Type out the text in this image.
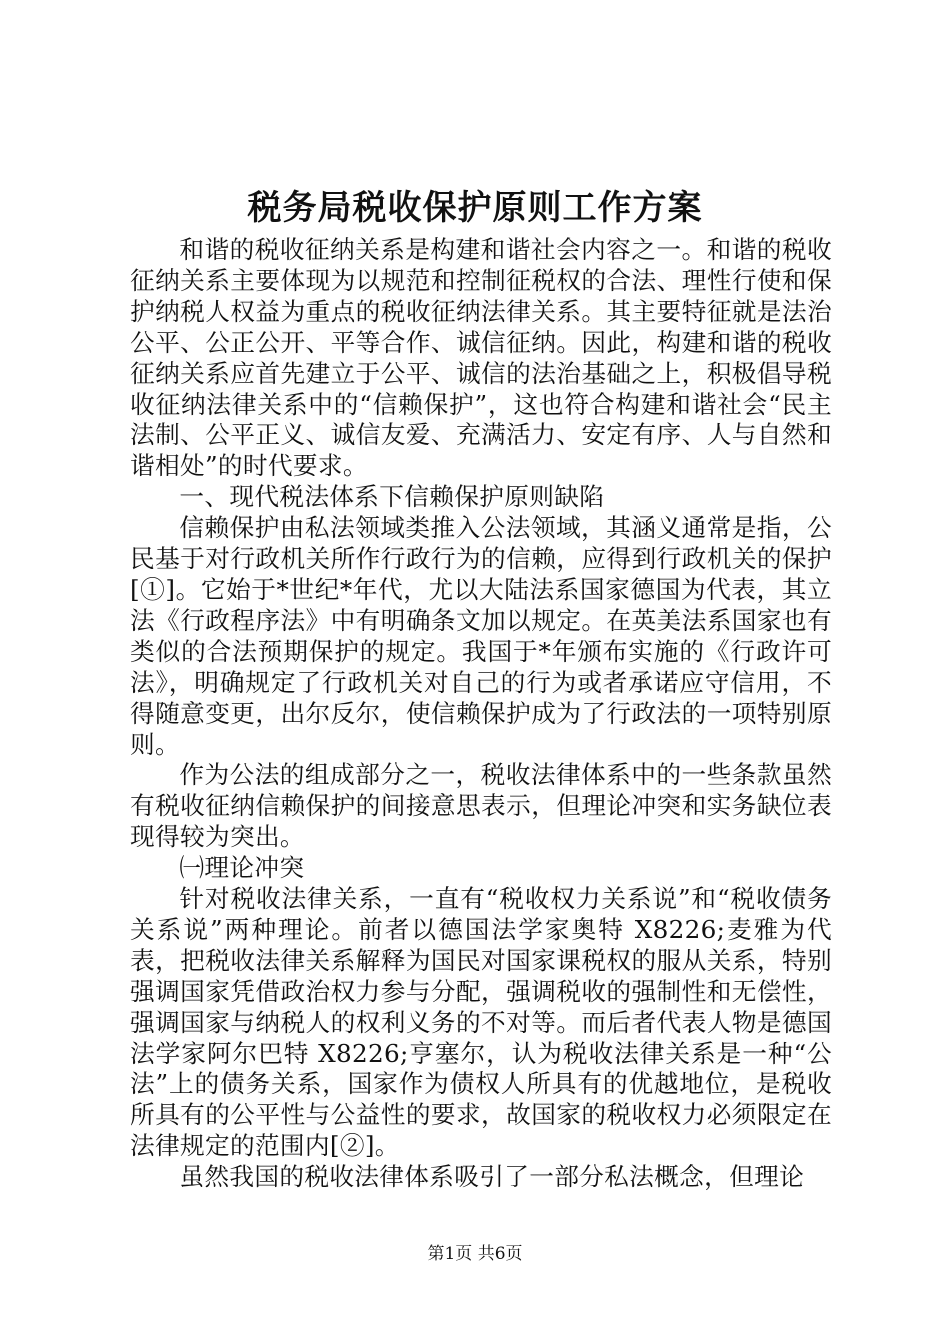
税务局税收保护原则工作方案

和谐的税收征纳关系是构建和谐社会内容之一。和谐的税收征纳关系主要体现为以规范和控制征税权的合法、理性行使和保护纳税人权益为重点的税收征纳法律关系。其主要特征就是法治公平、公正公开、平等合作、诚信征纳。因此，构建和谐的税收征纳关系应首先建立于公平、诚信的法治基础之上，积极倡导税收征纳法律关系中的“信赖保护”，这也符合构建和谐社会“民主法制、公平正义、诚信友爱、充满活力、安定有序、人与自然和谐相处”的时代要求。

一、现代税法体系下信赖保护原则缺陷

信赖保护由私法领域类推入公法领域，其涵义通常是指，公民基于对行政机关所作行政行为的信赖，应得到行政机关的保护[①]。它始于*世纪*年代，尤以大陆法系国家德国为代表，其立法《行政程序法》中有明确条文加以规定。在英美法系国家也有类似的合法预期保护的规定。我国于*年颁布实施的《行政许可法》，明确规定了行政机关对自己的行为或者承诺应守信用，不得随意变更，出尔反尔，使信赖保护成为了行政法的一项特别原则。

作为公法的组成部分之一，税收法律体系中的一些条款虽然有税收征纳信赖保护的间接意思表示，但理论冲突和实务缺位表现得较为突出。

㈠理论冲突

针对税收法律关系，一直有“税收权力关系说”和“税收债务关系说”两种理论。前者以德国法学家奥特 X8226;麦雅为代表，把税收法律关系解释为国民对国家课税权的服从关系，特别强调国家凭借政治权力参与分配，强调税收的强制性和无偿性，强调国家与纳税人的权利义务的不对等。而后者代表人物是德国法学家阿尔巴特 X8226;亨塞尔，认为税收法律关系是一种“公法”上的债务关系，国家作为债权人所具有的优越地位，是税收所具有的公平性与公益性的要求，故国家的税收权力必须限定在法律规定的范围内[②]。

虽然我国的税收法律体系吸引了一部分私法概念，但理论

第1页 共6页
